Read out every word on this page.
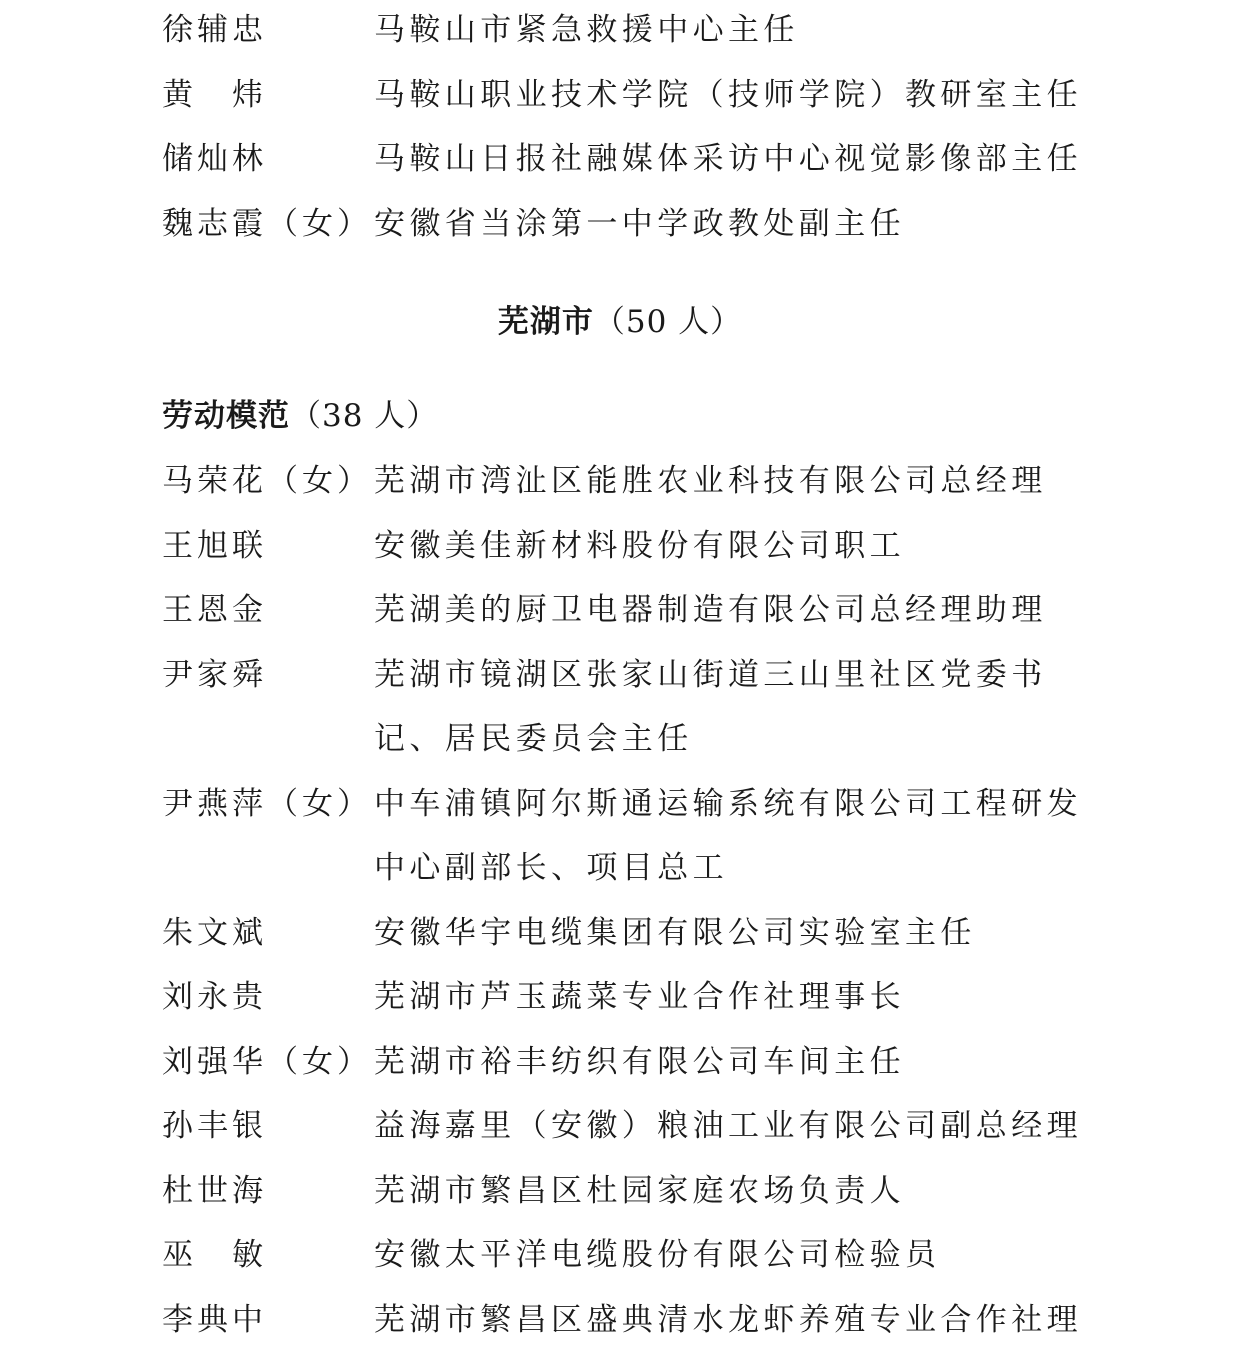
徐辅忠	马鞍山市紧急救援中心主任
黄　炜	马鞍山职业技术学院（技师学院）教研室主任
储灿林	马鞍山日报社融媒体采访中心视觉影像部主任
魏志霞（女） 安徽省当涂第一中学政教处副主任
芜湖市（50 人）
劳动模范（38 人）
马荣花（女） 芜湖市湾沚区能胜农业科技有限公司总经理
王旭联	安徽美佳新材料股份有限公司职工
王恩金	芜湖美的厨卫电器制造有限公司总经理助理
尹家舜	芜湖市镜湖区张家山街道三山里社区党委书
记、居民委员会主任
尹燕萍（女） 中车浦镇阿尔斯通运输系统有限公司工程研发
中心副部长、项目总工
朱文斌	安徽华宇电缆集团有限公司实验室主任
刘永贵	芜湖市芦玉蔬菜专业合作社理事长
刘强华（女） 芜湖市裕丰纺织有限公司车间主任
孙丰银	益海嘉里（安徽）粮油工业有限公司副总经理
杜世海	芜湖市繁昌区杜园家庭农场负责人
巫　敏	安徽太平洋电缆股份有限公司检验员
李典中	芜湖市繁昌区盛典清水龙虾养殖专业合作社理
